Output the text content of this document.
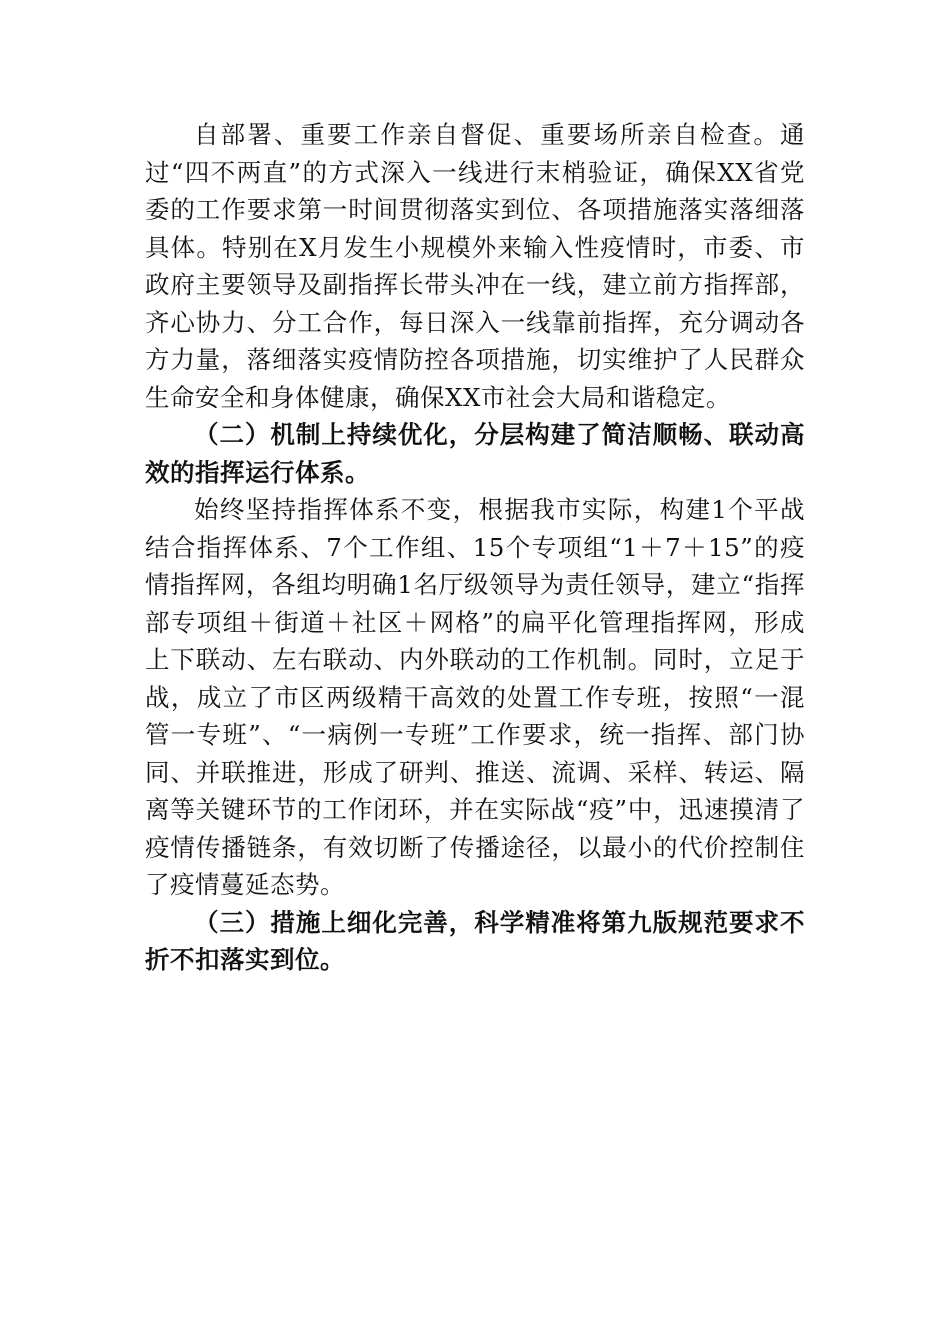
自部署、重要工作亲自督促、重要场所亲自检查。通过“四不两直”的方式深入一线进行末梢验证，确保XX省党委的工作要求第一时间贯彻落实到位、各项措施落实落细落具体。特别在X月发生小规模外来输入性疫情时，市委、市政府主要领导及副指挥长带头冲在一线，建立前方指挥部，齐心协力、分工合作，每日深入一线靠前指挥，充分调动各方力量，落细落实疫情防控各项措施，切实维护了人民群众生命安全和身体健康，确保XX市社会大局和谐稳定。

（二）机制上持续优化，分层构建了简洁顺畅、联动高效的指挥运行体系。

始终坚持指挥体系不变，根据我市实际，构建1个平战结合指挥体系、7个工作组、15个专项组“1＋7＋15”的疫情指挥网，各组均明确1名厅级领导为责任领导，建立“指挥部专项组＋街道＋社区＋网格”的扁平化管理指挥网，形成上下联动、左右联动、内外联动的工作机制。同时，立足于战，成立了市区两级精干高效的处置工作专班，按照“一混管一专班”、“一病例一专班”工作要求，统一指挥、部门协同、并联推进，形成了研判、推送、流调、采样、转运、隔离等关键环节的工作闭环，并在实际战“疫”中，迅速摸清了疫情传播链条，有效切断了传播途径，以最小的代价控制住了疫情蔓延态势。

（三）措施上细化完善，科学精准将第九版规范要求不折不扣落实到位。
